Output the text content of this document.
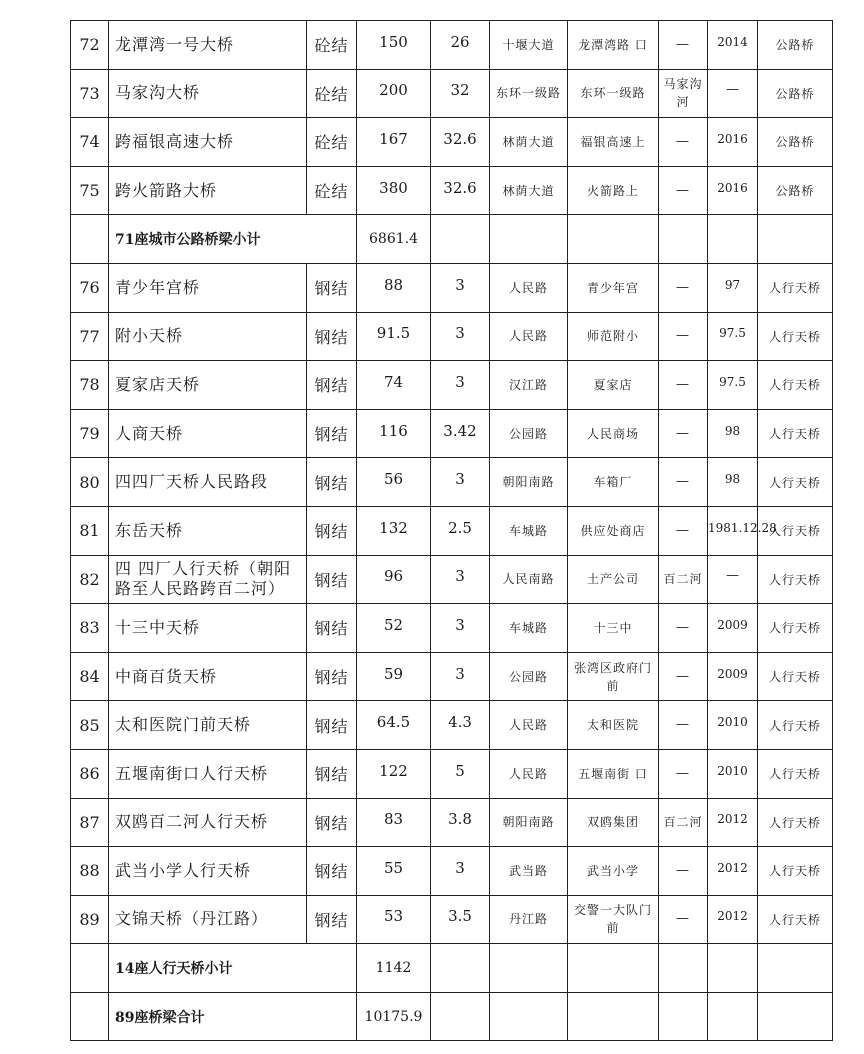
72	龙潭湾一号大桥	砼结	150	26	十堰大道	龙潭湾路 口	—	2014	公路桥
73	马家沟大桥	砼结	200	32	东环一级路	东环一级路	马家沟河	—	公路桥
74	跨福银高速大桥	砼结	167	32.6	林荫大道	福银高速上	—	2016	公路桥
75	跨火箭路大桥	砼结	380	32.6	林荫大道	火箭路上	—	2016	公路桥
	71座城市公路桥梁小计		6861.4						
76	青少年宫桥	钢结	88	3	人民路	青少年宫	—	97	人行天桥
77	附小天桥	钢结	91.5	3	人民路	师范附小	—	97.5	人行天桥
78	夏家店天桥	钢结	74	3	汉江路	夏家店	—	97.5	人行天桥
79	人商天桥	钢结	116	3.42	公园路	人民商场	—	98	人行天桥
80	四四厂天桥人民路段	钢结	56	3	朝阳南路	车箱厂	—	98	人行天桥
81	东岳天桥	钢结	132	2.5	车城路	供应处商店	—	1981.12.28	人行天桥
82	四 四厂人行天桥（朝阳路至人民路跨百二河）	钢结	96	3	人民南路	土产公司	百二河	—	人行天桥
83	十三中天桥	钢结	52	3	车城路	十三中	—	2009	人行天桥
84	中商百货天桥	钢结	59	3	公园路	张湾区政府门前	—	2009	人行天桥
85	太和医院门前天桥	钢结	64.5	4.3	人民路	太和医院	—	2010	人行天桥
86	五堰南街口人行天桥	钢结	122	5	人民路	五堰南街 口	—	2010	人行天桥
87	双鸥百二河人行天桥	钢结	83	3.8	朝阳南路	双鸥集团	百二河	2012	人行天桥
88	武当小学人行天桥	钢结	55	3	武当路	武当小学	—	2012	人行天桥
89	文锦天桥（丹江路）	钢结	53	3.5	丹江路	交警一大队门前	—	2012	人行天桥
	14座人行天桥小计		1142						
	89座桥梁合计		10175.9						
